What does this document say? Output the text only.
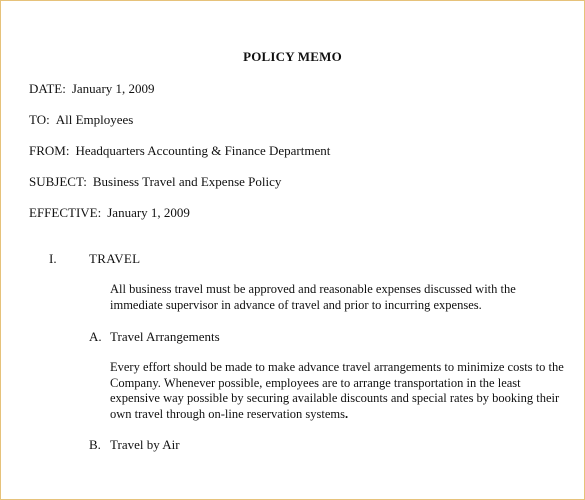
POLICY MEMO
DATE: January 1, 2009
TO: All Employees
FROM: Headquarters Accounting & Finance Department
SUBJECT: Business Travel and Expense Policy
EFFECTIVE: January 1, 2009
I. TRAVEL

All business travel must be approved and reasonable expenses discussed with the immediate supervisor in advance of travel and prior to incurring expenses.

A. Travel Arrangements

Every effort should be made to make advance travel arrangements to minimize costs to the Company. Whenever possible, employees are to arrange transportation in the least expensive way possible by securing available discounts and special rates by booking their own travel through on-line reservation systems.

B. Travel by Air
